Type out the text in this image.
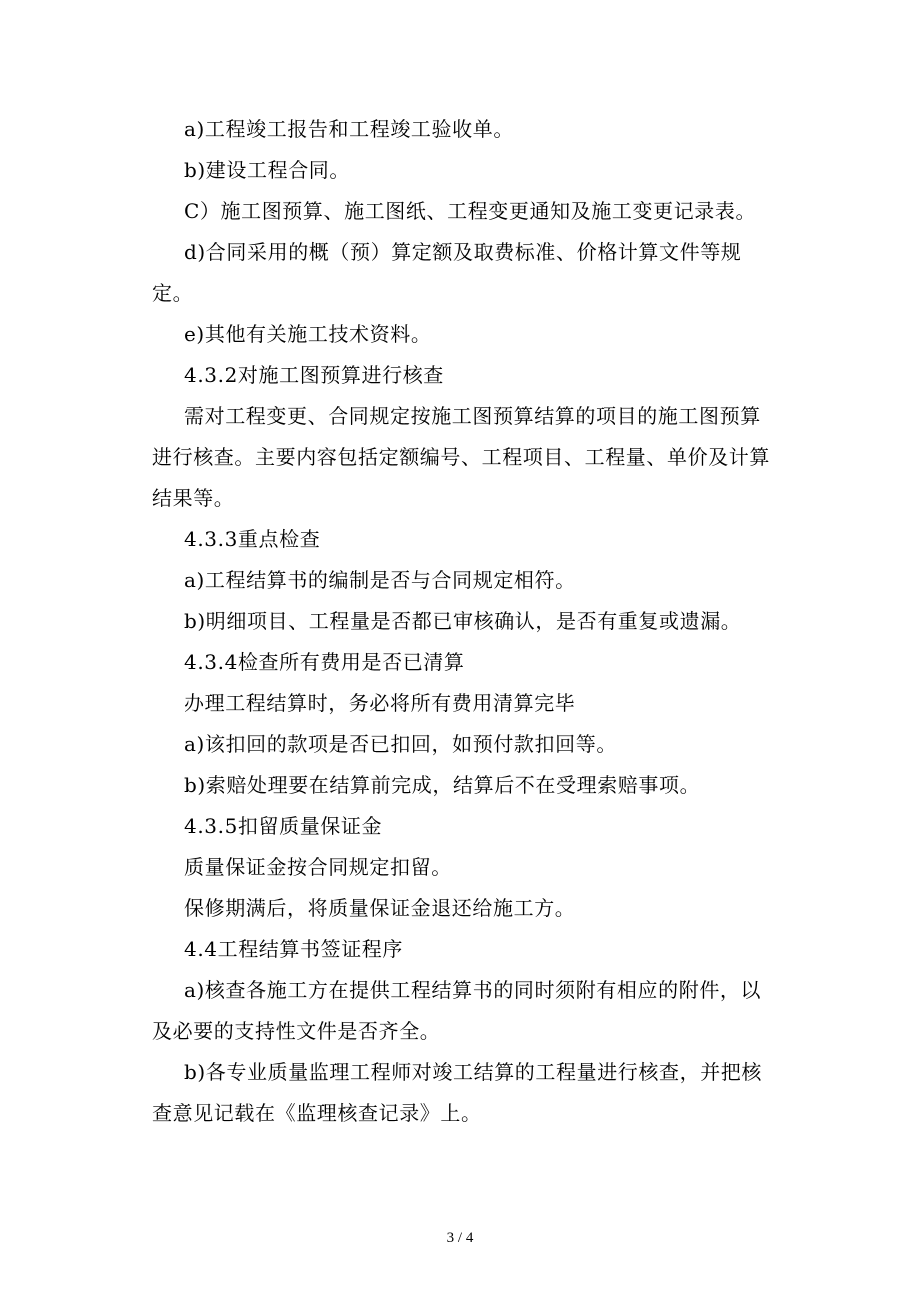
a)工程竣工报告和工程竣工验收单。

b)建设工程合同。

C）施工图预算、施工图纸、工程变更通知及施工变更记录表。

d)合同采用的概（预）算定额及取费标准、价格计算文件等规定。

e)其他有关施工技术资料。

4.3.2对施工图预算进行核查

需对工程变更、合同规定按施工图预算结算的项目的施工图预算进行核查。主要内容包括定额编号、工程项目、工程量、单价及计算结果等。

4.3.3重点检查

a)工程结算书的编制是否与合同规定相符。

b)明细项目、工程量是否都已审核确认，是否有重复或遗漏。

4.3.4检查所有费用是否已清算

办理工程结算时，务必将所有费用清算完毕

a)该扣回的款项是否已扣回，如预付款扣回等。

b)索赔处理要在结算前完成，结算后不在受理索赔事项。

4.3.5扣留质量保证金

质量保证金按合同规定扣留。

保修期满后，将质量保证金退还给施工方。

4.4工程结算书签证程序

a)核查各施工方在提供工程结算书的同时须附有相应的附件，以及必要的支持性文件是否齐全。

b)各专业质量监理工程师对竣工结算的工程量进行核查，并把核查意见记载在《监理核查记录》上。

3 / 4
